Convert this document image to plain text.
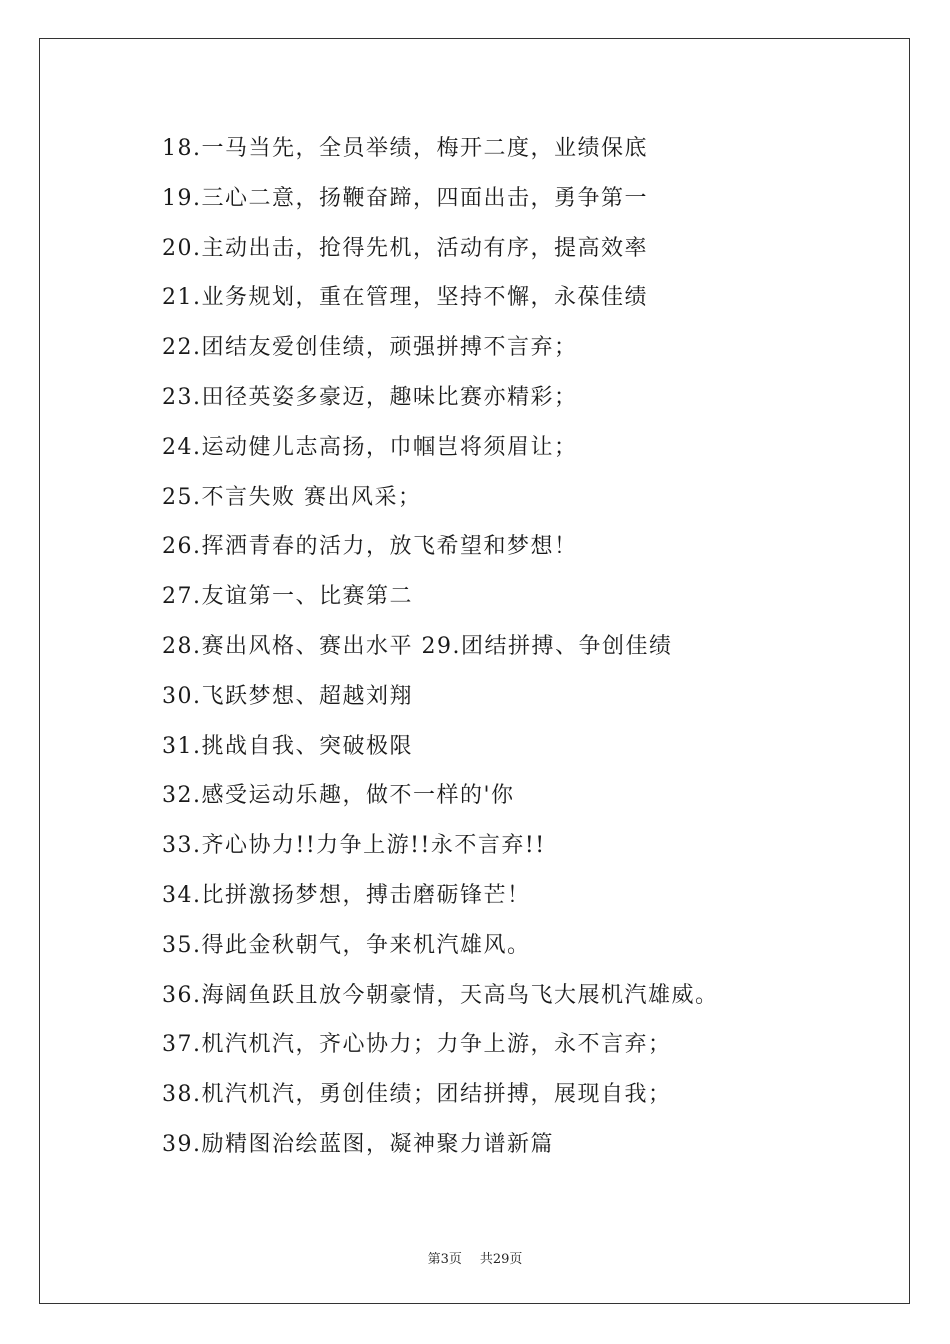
18.一马当先，全员举绩，梅开二度，业绩保底
19.三心二意，扬鞭奋蹄，四面出击，勇争第一
20.主动出击，抢得先机，活动有序，提高效率
21.业务规划，重在管理，坚持不懈，永葆佳绩
22.团结友爱创佳绩，顽强拼搏不言弃；
23.田径英姿多豪迈，趣味比赛亦精彩；
24.运动健儿志高扬，巾帼岂将须眉让；
25.不言失败 赛出风采；
26.挥洒青春的活力，放飞希望和梦想！
27.友谊第一、比赛第二
28.赛出风格、赛出水平 29.团结拼搏、争创佳绩
30.飞跃梦想、超越刘翔
31.挑战自我、突破极限
32.感受运动乐趣，做不一样的'你
33.齐心协力!!力争上游!!永不言弃!!
34.比拼激扬梦想，搏击磨砺锋芒！
35.得此金秋朝气，争来机汽雄风。
36.海阔鱼跃且放今朝豪情，天高鸟飞大展机汽雄威。
37.机汽机汽，齐心协力；力争上游，永不言弃；
38.机汽机汽，勇创佳绩；团结拼搏，展现自我；
39.励精图治绘蓝图，凝神聚力谱新篇
第3页 共29页
